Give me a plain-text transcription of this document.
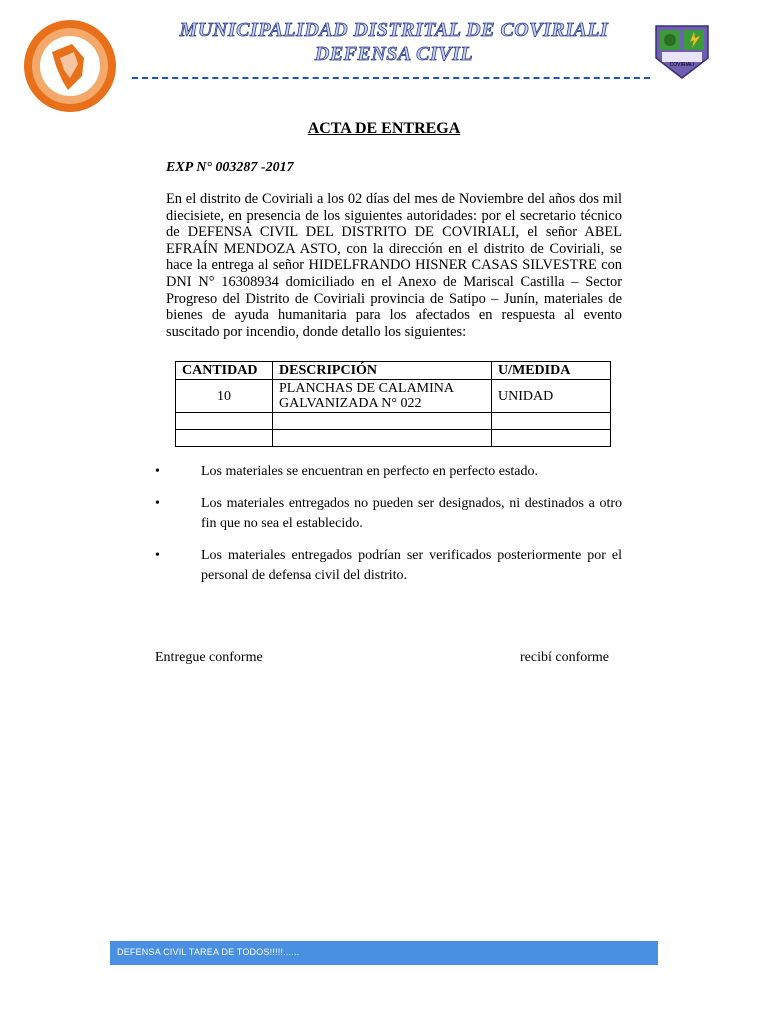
MUNICIPALIDAD DISTRITAL DE COVIRIALI
DEFENSA CIVIL	COVIRIALI
ACTA DE ENTREGA
EXP N° 003287 -2017
En el distrito de Coviriali a los 02 días del mes de Noviembre del años dos mil diecisiete, en presencia de los siguientes autoridades: por el secretario técnico de DEFENSA CIVIL DEL DISTRITO DE COVIRIALI, el señor ABEL EFRAÍN MENDOZA ASTO, con la dirección en el distrito de Coviriali, se hace la entrega al señor HIDELFRANDO HISNER CASAS SILVESTRE con DNI N° 16308934 domiciliado en el Anexo de Mariscal Castilla – Sector Progreso del Distrito de Coviriali provincia de Satipo – Junín, materiales de bienes de ayuda humanitaria para los afectados en respuesta al evento suscitado por incendio, donde detallo los siguientes:
CANTIDAD	DESCRIPCIÓN	U/MEDIDA
10	PLANCHAS DE CALAMINA GALVANIZADA N° 022	UNIDAD

•	Los materiales se encuentran en perfecto en perfecto estado.
•	Los materiales entregados no pueden ser designados, ni destinados a otro fin que no sea el establecido.
•	Los materiales entregados podrían ser verificados posteriormente por el personal de defensa civil del distrito.
Entregue conforme	recibí conforme
DEFENSA CIVIL TAREA DE TODOS!!!!!......
